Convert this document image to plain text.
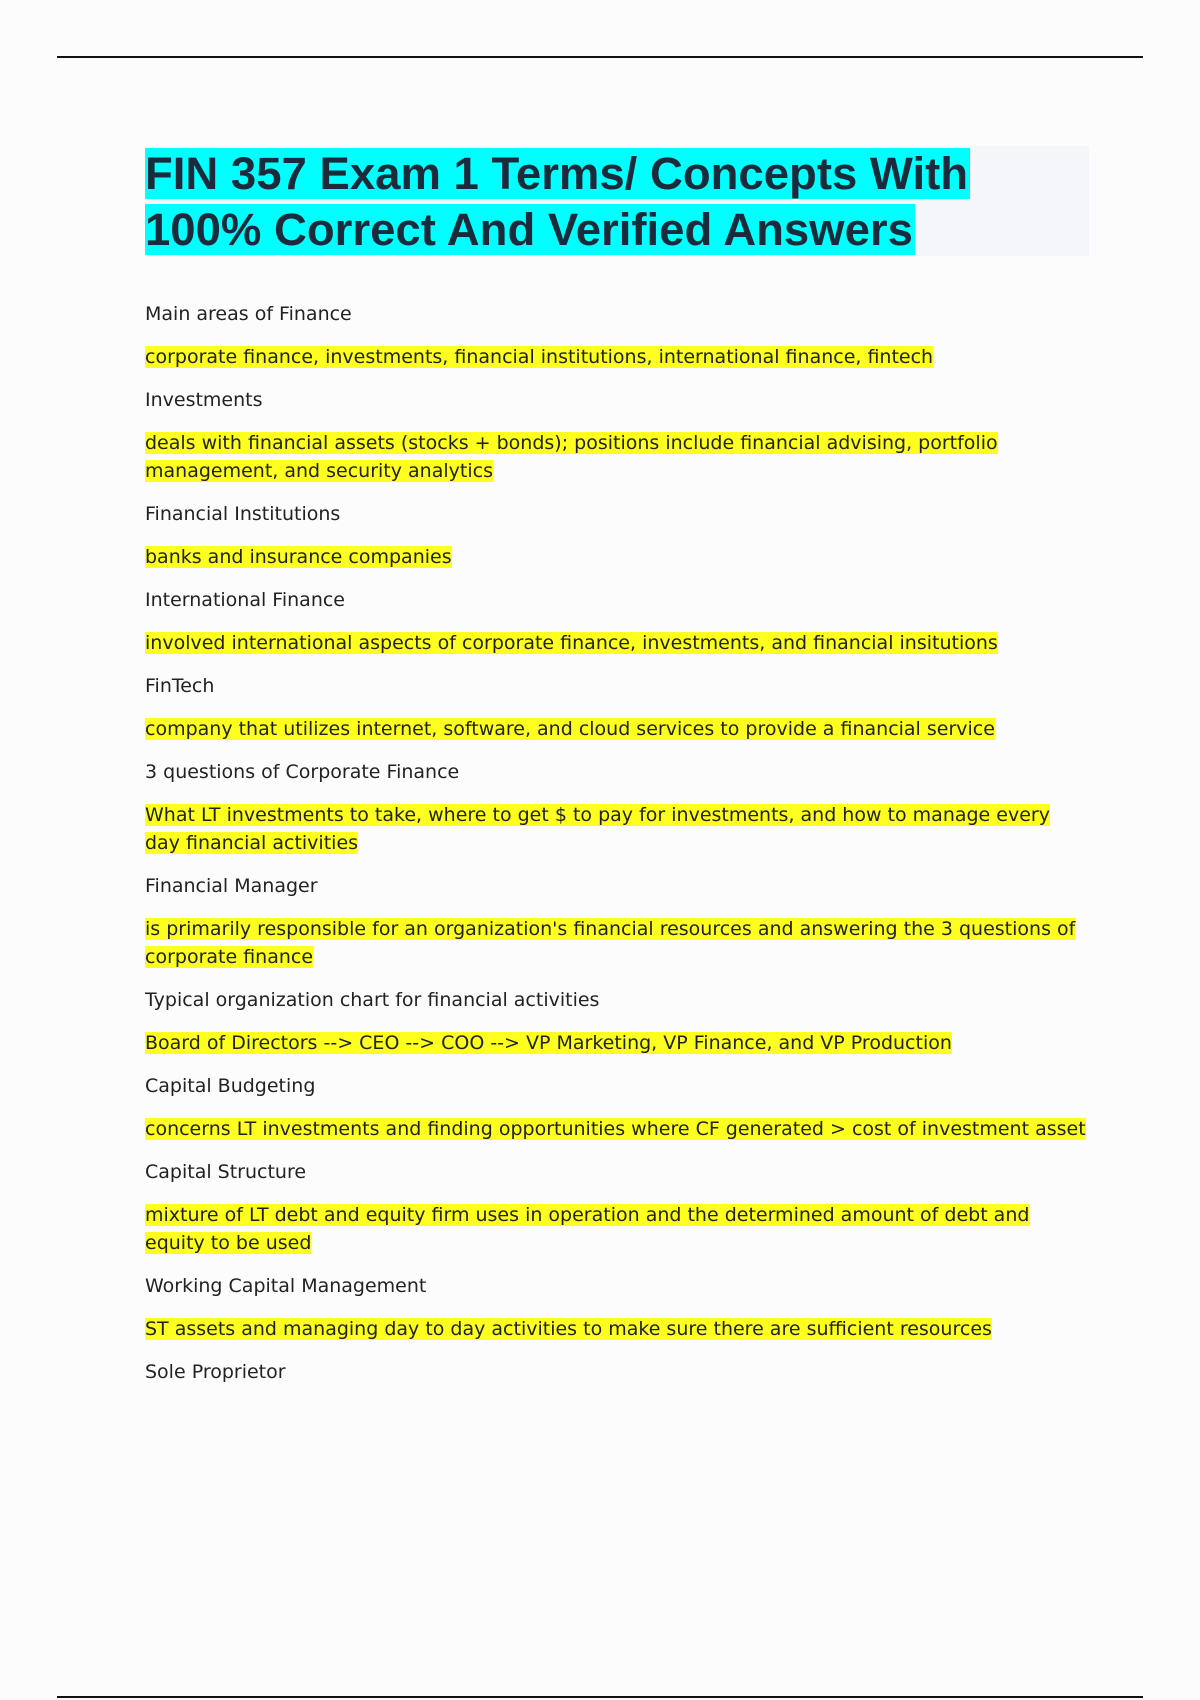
FIN 357 Exam 1 Terms/ Concepts With 100% Correct And Verified Answers

Main areas of Finance

corporate finance, investments, financial institutions, international finance, fintech

Investments

deals with financial assets (stocks + bonds); positions include financial advising, portfolio management, and security analytics

Financial Institutions

banks and insurance companies

International Finance

involved international aspects of corporate finance, investments, and financial insitutions

FinTech

company that utilizes internet, software, and cloud services to provide a financial service

3 questions of Corporate Finance

What LT investments to take, where to get $ to pay for investments, and how to manage every day financial activities

Financial Manager

is primarily responsible for an organization's financial resources and answering the 3 questions of corporate finance

Typical organization chart for financial activities

Board of Directors --> CEO --> COO --> VP Marketing, VP Finance, and VP Production

Capital Budgeting

concerns LT investments and finding opportunities where CF generated > cost of investment asset

Capital Structure

mixture of LT debt and equity firm uses in operation and the determined amount of debt and equity to be used

Working Capital Management

ST assets and managing day to day activities to make sure there are sufficient resources

Sole Proprietor
